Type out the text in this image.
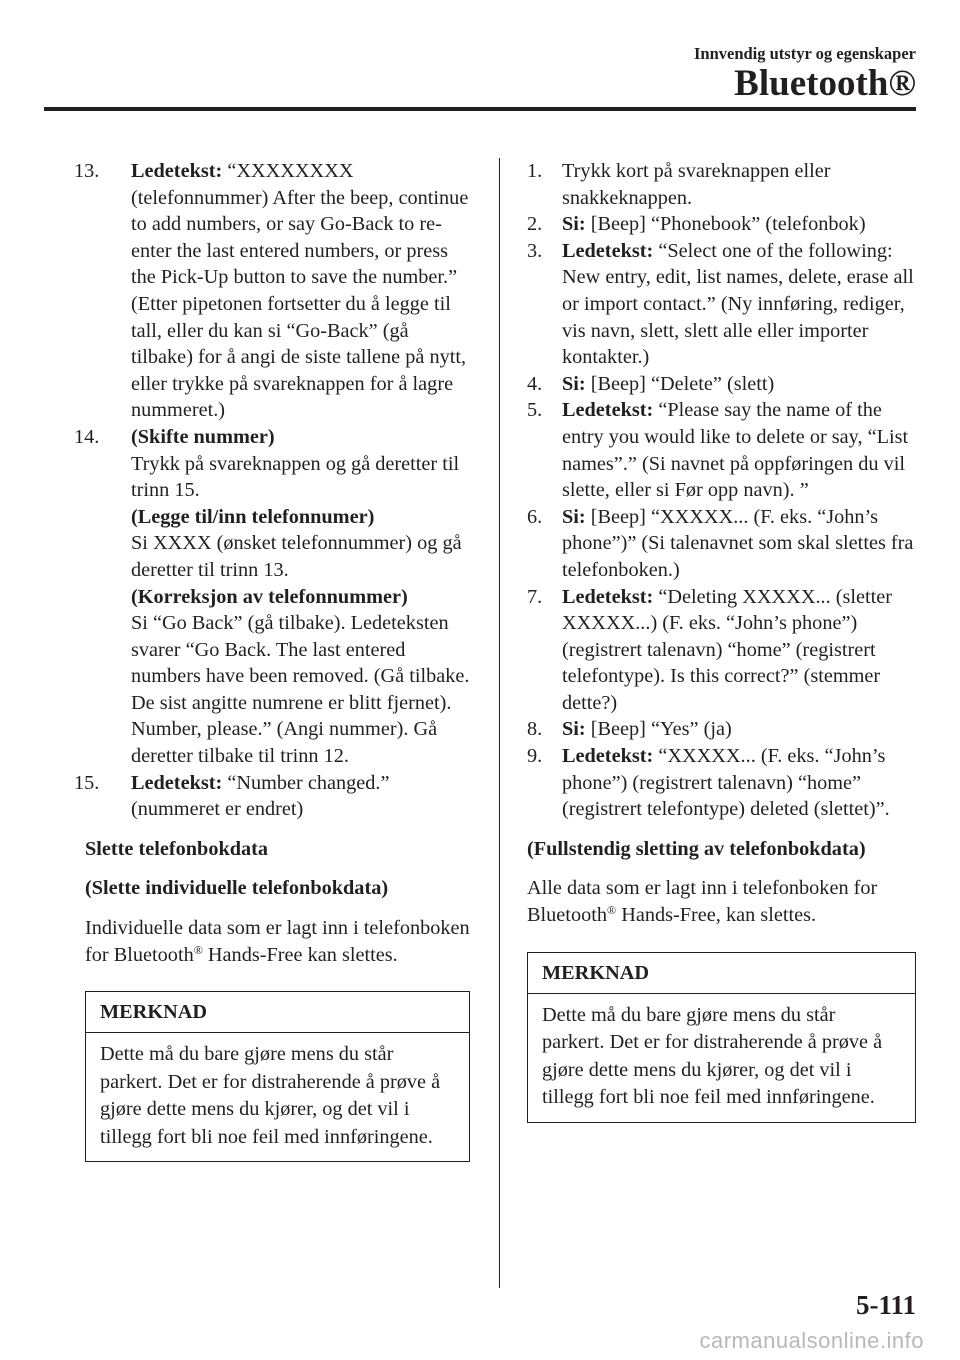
Innvendig utstyr og egenskaper
Bluetooth®
13. Ledetekst: “XXXXXXXX (telefonnummer) After the beep, continue to add numbers, or say Go-Back to re-enter the last entered numbers, or press the Pick-Up button to save the number.” (Etter pipetonen fortsetter du å legge til tall, eller du kan si “Go-Back” (gå tilbake) for å angi de siste tallene på nytt, eller trykke på svareknappen for å lagre nummeret.)
14. (Skifte nummer)
Trykk på svareknappen og gå deretter til trinn 15.
(Legge til/inn telefonnumer)
Si XXXX (ønsket telefonnummer) og gå deretter til trinn 13.
(Korreksjon av telefonnummer)
Si “Go Back” (gå tilbake). Ledeteksten svarer “Go Back. The last entered numbers have been removed. (Gå tilbake. De sist angitte numrene er blitt fjernet). Number, please.” (Angi nummer). Gå deretter tilbake til trinn 12.
15. Ledetekst: “Number changed.” (nummeret er endret)
Slette telefonbokdata
(Slette individuelle telefonbokdata)
Individuelle data som er lagt inn i telefonboken for Bluetooth® Hands-Free kan slettes.
MERKNAD
Dette må du bare gjøre mens du står parkert. Det er for distraherende å prøve å gjøre dette mens du kjører, og det vil i tillegg fort bli noe feil med innføringene.
1. Trykk kort på svareknappen eller snakkeknappen.
2. Si: [Beep] “Phonebook” (telefonbok)
3. Ledetekst: “Select one of the following: New entry, edit, list names, delete, erase all or import contact.” (Ny innføring, rediger, vis navn, slett, slett alle eller importer kontakter.)
4. Si: [Beep] “Delete” (slett)
5. Ledetekst: “Please say the name of the entry you would like to delete or say, “List names”.” (Si navnet på oppføringen du vil slette, eller si Før opp navn). ”
6. Si: [Beep] “XXXXX... (F. eks. “John’s phone”)” (Si talenavnet som skal slettes fra telefonboken.)
7. Ledetekst: “Deleting XXXXX... (sletter XXXXX...) (F. eks. “John’s phone”) (registrert talenavn) “home” (registrert telefontype). Is this correct?” (stemmer dette?)
8. Si: [Beep] “Yes” (ja)
9. Ledetekst: “XXXXX... (F. eks. “John’s phone”) (registrert talenavn) “home” (registrert telefontype) deleted (slettet)”.
(Fullstendig sletting av telefonbokdata)
Alle data som er lagt inn i telefonboken for Bluetooth® Hands-Free, kan slettes.
MERKNAD
Dette må du bare gjøre mens du står parkert. Det er for distraherende å prøve å gjøre dette mens du kjører, og det vil i tillegg fort bli noe feil med innføringene.
5-111
carmanualsonline.info
